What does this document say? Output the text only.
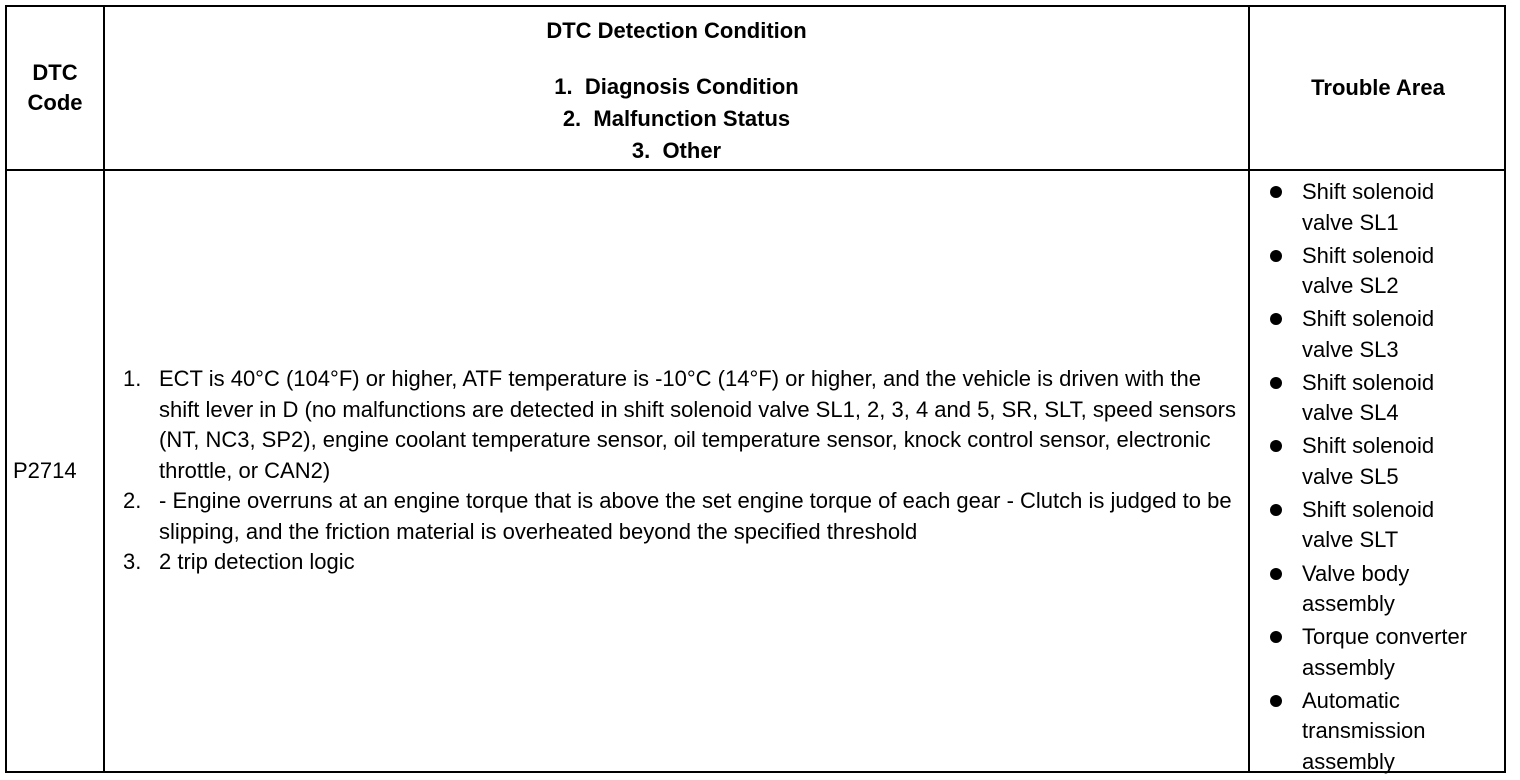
DTC
Code
DTC Detection Condition
1.  Diagnosis Condition
2.  Malfunction Status
3.  Other
Trouble Area
P2714
1. ECT is 40°C (104°F) or higher, ATF temperature is -10°C (14°F) or higher, and the vehicle is driven with the shift lever in D (no malfunctions are detected in shift solenoid valve SL1, 2, 3, 4 and 5, SR, SLT, speed sensors (NT, NC3, SP2), engine coolant temperature sensor, oil temperature sensor, knock control sensor, electronic throttle, or CAN2)
2. - Engine overruns at an engine torque that is above the set engine torque of each gear - Clutch is judged to be slipping, and the friction material is overheated beyond the specified threshold
3. 2 trip detection logic
Shift solenoid
valve SL1
Shift solenoid
valve SL2
Shift solenoid
valve SL3
Shift solenoid
valve SL4
Shift solenoid
valve SL5
Shift solenoid
valve SLT
Valve body
assembly
Torque converter
assembly
Automatic
transmission
assembly
